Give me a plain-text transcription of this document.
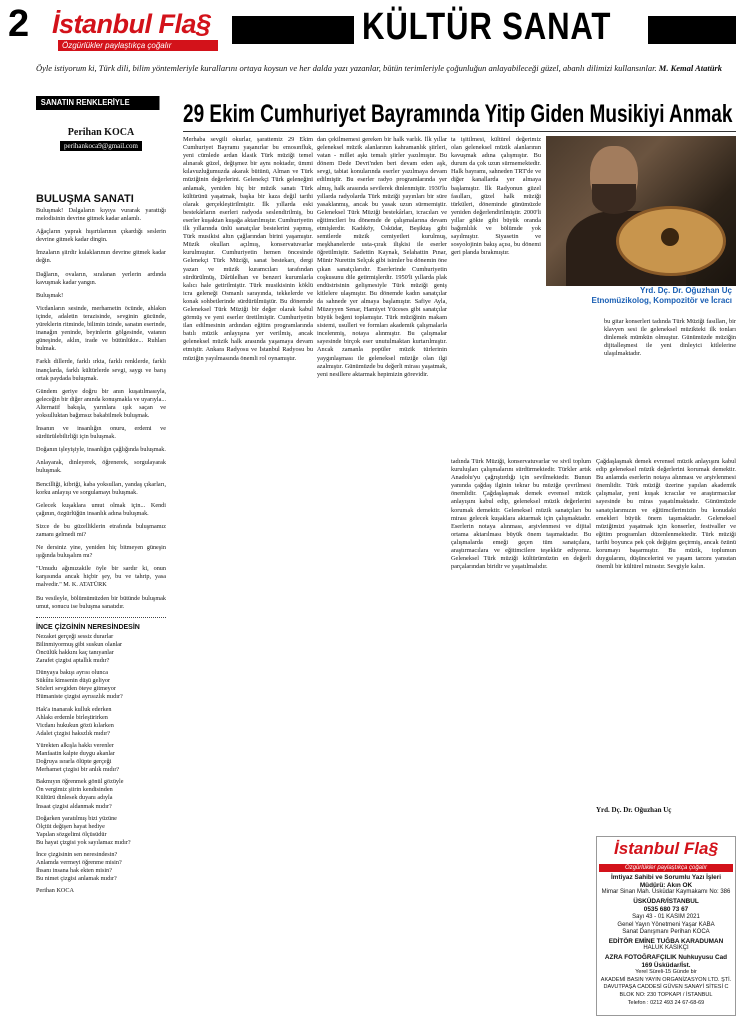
2 İstanbul Fla§
Özgürlükler paylaştıkça çoğalır	KÜLTÜR SANAT
Öyle istiyorum ki, Türk dili, bilim yöntemleriyle kurallarını ortaya koysun ve her dalda yazı yazanlar, bütün terimleriyle çoğunluğun anlayabileceği güzel, abanlı dilimizi kullansınlar. M. Kemal Atatürk
SANATIN RENKLERİYLE
Perihan KOCA
perihankoca9@gmail.com
BULUŞMA SANATI

Buluşmak! Dalgaların kıyıya vurarak yarattığı melodisinin devrine gitmek kadar anlamlı.

Ağaçların yaprak hışırtılarının çıkardığı seslerin devrine gitmek kadar dingin.

İmzaların şiirdir kulaklarımın devrine gitmek kadar değin.

Dağların, ovaların, sıralanan yerlerin ardında kavuşmak kadar yangın.

Buluşmak!

Vicdanların sesinde, merhametin öcünde, ahlakın içinde, adaletin terazisinde, sevginin gücünde, yüreklerin ritminde, bilimin izinde, sanatın eserinde, inanağın yeninde, beyinlerin gölgesinde, vatanın güneşinde, aklın, irade ve bütünlükte... Ruhları bulmak.

Farklı dillerde, farklı ırkta, farklı renklerde, farklı inançlarda, farklı kültürlerde sevgi, saygı ve barış ortak paydada buluşmak.

Gündem geriye doğru bir anın kuşatılmasıyla, geleceğin bir diğer anında konuşmakla ve uyarıyla... Alternatif bakışla, yarınlara ışık saçan ve yoksulluktan bağımsız bakabilmek buluşmak.

İnsanın ve insanlığın onuru, erdemi ve sürdürülebilirliği için buluşmak.

Doğanın işleyişiyle, insanlığın çağlığında buluşmak.

Anlayarak, dinleyerek, öğrenerek, sorgulayarak buluşmak.

Bencilliği, kibriği, kaba yoksulları, yandaş çıkarları, korku anlayışı ve sorgulamayı buluşmak.

Gelecek kuşaklara umut olmak için... Kendi çağının, özgürlüğün insanlık adına buluşmak.

Sizce de bu güzelliklerin etrafında buluşmamız zamanı gelmedi mi?

Ne dersiniz yine, yeniden hiç bitmeyen güneşin ışığında buluşalım mı?

"Umudu ağımızakile öyle bir sardır ki, onun karşısında ancak hiçbir şey, bu ve tahrip, yasa malvedir." M. K. ATATÜRK

Bu vesileyle, bölümümüzden bir bütünde buluşmak umut, sonucu ise buluşma sanatıdır.

İNCE ÇİZGİNİN NERESİNDESİN
Nezaket gerçeği sessiz durarlar
Bilinmiyormuş gibi suskun olanlar
Öncülük hakkını kaç tanıyanlar
Zarafet çizgisi aptallık mıdır?
Dünyaya bakışı ayrısı olunca
Sükûtu kimsenin düşü geliyor
Sözleri sevgiden öteye gitmeyor
Hümaniste çizgisi ayrısızlık mıdır?
Hak'a inanarak kulluk ederken
Ahlakı erdemle birleştirirken
Vicdanı hukukun gözü kılarken
Adalet çizgisi hakszlık mıdır?
Yürekten alkışla hakkı verenler
Manfaatin kalpte duygu akanlar
Doğruya ısrarla ölüpte gerçeği
Merhamet çizgisi bir anlık mıdır?
Bakmıyın öğrenmek gönül gözüyle
Ön vergimiz şiirin kendisinden
Kültürü dinlesek duyanı adıyla
İnsaat çizgisi aldanmak mıdır?
Doğarken yaratılmış bizi yüzüne
Ölçtüt değişen hayat hediye
Yapılan sözgelimi ölçüsüdür
Bu hayat çizgisi yok sayılamaz mıdır?
İnce çizgisinin sen neresindesin?
Anlamda vermeyi öğrenme misin?
İhsanı insana hak ekten misin?
Bu nimet çizgisi anlamak mıdır?
Perihan KOCA
29 Ekim Cumhuriyet Bayramında Yitip Giden Musikiyi Anmak

Merhaba sevgili okurlar, şarattemiz 29 Ekim Cumhuriyet Bayramı yaşanırlar bu emosınfluk, yeni cümlede ardan klasik Türk müziği temel alınarak güzel, değişmez bir aynı noktadır, ümmi kılavuzluğumuzda akarak bütünü, Alman ve Türk müziğinin değerlerini. Gelenekçi Türk geleneğini anlamak, yeniden hiç bir müzik sanatı Türk kültürünü yaşatmak, başka bir kaza değil tarihi olarak gerçekleştirilmiştir. İlk yıllarda eski bestekârların eserleri radyoda seslendirilmiş, bu eserler kuşaktan kuşağa aktarılmıştır. Cumhuriyetin ilk yıllarında ünlü sanatçılar bestelerini yapmış, Türk musikisi altın çağlarından birini yaşamıştır. Müzik okulları açılmış, konservatuvarlar kurulmuştur. Cumhuriyetin hemen öncesinde Gelenekçi Türk Müziği, sanat bestekarı, dergi yazarı ve müzik kuramcıları tarafından sürdürülmüş, Dârülelhan ve benzeri kurumlarla kalıcı hale getirilmiştir. Türk musikisinin köklü icra geleneği Osmanlı sarayında, tekkelerde ve konak sohbetlerinde sürdürülmüştür. Bu dönemde Geleneksel Türk Müziği bir değer olarak kabul görmüş ve yeni eserler üretilmiştir. Cumhuriyetin ilan edilmesinin ardından eğitim programlarında batılı müzik anlayışına yer verilmiş, ancak geleneksel müzik halk arasında yaşamaya devam etmiştir. Ankara Radyosu ve İstanbul Radyosu bu müziğin yayılmasında önemli rol oynamıştır.

dan çekilmemesi gereken bir halk varlık. İlk yıllar geleneksel müzik alanlarının kahramanlık şiirleri, vatan - millet aşkı temalı şiirler yazılmıştır. Bu dönem Dede Devri'nden beri devam eden aşk, sevgi, tabiat konularında eserler yazılmaya devam edilmiştir. Bu eserler radyo programlarında yer almış, halk arasında sevilerek dinlenmiştir. 1930'lu yıllarda radyolarda Türk müziği yayınları bir süre yasaklanmış, ancak bu yasak uzun sürmemiştir. Geleneksel Türk Müziği bestekârları, icracıları ve eğitimcileri bu dönemde de çalışmalarına devam etmişlerdir. Kadıköy, Üsküdar, Beşiktaş gibi semtlerde müzik cemiyetleri kurulmuş, meşkhanelerde usta-çırak ilişkisi ile eserler öğretilmiştir. Sadettin Kaynak, Selahattin Pınar, Münir Nurettin Selçuk gibi isimler bu dönemin öne çıkan sanatçılarıdır. Eserlerinde Cumhuriyetin coşkusunu dile getirmişlerdir. 1950'li yıllarda plak endüstrisinin gelişmesiyle Türk müziği geniş kitlelere ulaşmıştır. Bu dönemde kadın sanatçılar da sahnede yer almaya başlamıştır. Safiye Ayla, Müzeyyen Senar, Hamiyet Yüceses gibi sanatçılar büyük beğeni toplamıştır. Türk müziğinin makam sistemi, usulleri ve formları akademik çalışmalarla incelenmiş, notaya alınmıştır. Bu çalışmalar sayesinde birçok eser unutulmaktan kurtarılmıştır. Ancak zamanla popüler müzik türlerinin yaygınlaşması ile geleneksel müziğe olan ilgi azalmıştır. Günümüzde bu değerli mirası yaşatmak, yeni nesillere aktarmak hepimizin görevidir.

ta işitilmesi, kültürel değerimiz olan geleneksel müzik alanlarının kavuşmak adına çalışmıştır. Bu durum da çok uzun sürmemektedir. Halk bayramı, sahneden TRT'de ve diğer kanallarda yer almaya başlamıştır. İlk Radyonun güzel fasılları, güzel halk müziği türküleri, döneminde günümüzde yeniden değerlendirilmiştir. 2000'li yıllar gökte gibi büyük oranda bağımlılık ve bölümde yok sayılmıştır. Siyasetin ve sosyolojinin bakış açısı, bu dönemi geri planda bırakmıştır.

Yrd. Dç. Dr. Oğuzhan Uç
Etnomüzikolog, Kompozitör ve İcracı

bu gitar konserleri tadında Türk Müziği fasılları, bir klavyen sesi ile geleneksel müzikteki ilk tonları dinlemek mümkün olmuştur. Günümüzde müziğin dijitalleşmesi ile yeni dinleyici kitlelerine ulaşılmaktadır.

tadında Türk Müziği, konservatuvarlar ve sivil toplum kuruluşları çalışmalarını sürdürmektedir. Türkler artık Anadolu'yu çağrıştırdığı için sevilmektedir. Bunun yanında çağdaş ilginin tekrar bu müziğe çevrilmesi önemlidir. Çağdaşlaşmak demek evrensel müzik anlayışını kabul edip, geleneksel müzik değerlerini korumak demektir. Geleneksel müzik sanatçıları bu mirası gelecek kuşaklara aktarmak için çalışmaktadır. Eserlerin notaya alınması, arşivlenmesi ve dijital ortama aktarılması büyük önem taşımaktadır. Bu çalışmalarda emeği geçen tüm sanatçılara, araştırmacılara ve eğitimcilere teşekkür ediyoruz. Geleneksel Türk müziği kültürümüzün en değerli parçalarından biridir ve yaşatılmalıdır.

Çağdaşlaşmak demek evrensel müzik anlayışını kabul edip geleneksel müzik değerlerini korumak demektir. Bu anlamda eserlerin notaya alınması ve arşivlenmesi önemlidir. Türk müziği üzerine yapılan akademik çalışmalar, yeni kuşak icracılar ve araştırmacılar sayesinde bu miras yaşatılmaktadır. Günümüzde sanatçılarımızın ve eğitimcilerimizin bu konudaki emekleri büyük önem taşımaktadır. Geleneksel müziğimizi yaşatmak için konserler, festivaller ve eğitim programları düzenlenmektedir. Türk müziği tarihi boyunca pek çok değişim geçirmiş, ancak özünü korumayı başarmıştır. Bu müzik, toplumun duygularını, düşüncelerini ve yaşam tarzını yansıtan önemli bir kültürel mirastır. Sevgiyle kalın.

Yrd. Dç. Dr. Oğuzhan Uç
İstanbul Fla§
Özgürlükler paylaştıkça çoğalır
İmtiyaz Sahibi ve Sorumlu Yazı İşleri Müdürü: Akın OK
Mimar Sinan Mah. Üsküdar Kaymakamı No: 386
ÜSKÜDAR/İSTANBUL
0535 680 73 67
Sayı 43 - 01 KASIM 2021
Genel Yayın Yönetmeni Yaşar KABA
Sanat Danışmanı Perihan KOCA
EDİTÖR EMİNE TUĞBA KARADUMAN
HALUK KASIKÇI
AZRA FOTOĞRAFÇILIK Nuhkuyusu Cad 169 Üsküdar/İst.
Yerel Süreli-15 Günde bir
AKADEMİ BASIN YAYIN ORGANİZASYON LTD. ŞTİ.
DAVUTPAŞA CADDESİ GÜVEN SANAYİ SİTESİ C BLOK NO: 230 TOPKAPI / İSTANBUL
Telefon : 0212 493 24 67-68-69
